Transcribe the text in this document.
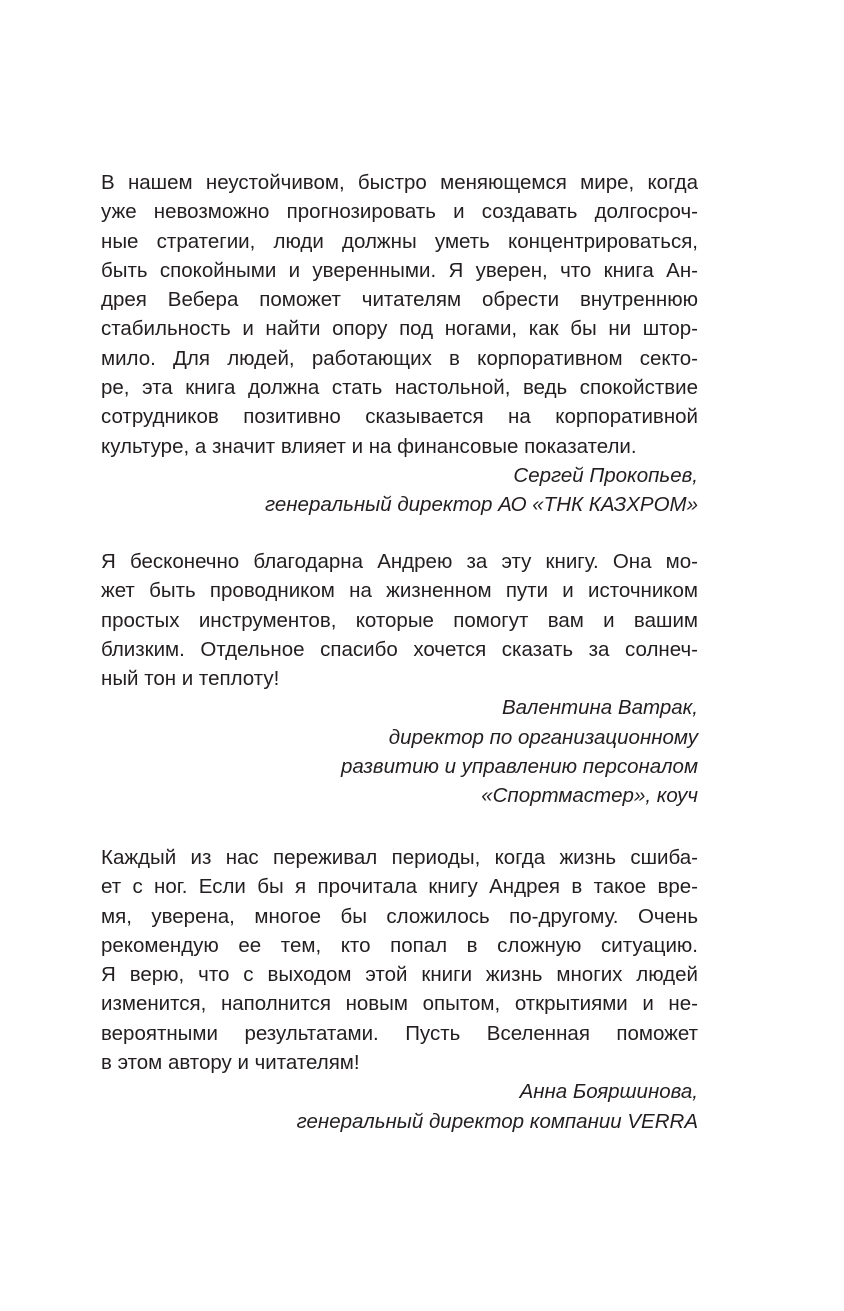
В нашем неустойчивом, быстро меняющемся мире, когда
уже невозможно прогнозировать и создавать долгосроч-
ные стратегии, люди должны уметь концентрироваться,
быть спокойными и уверенными. Я уверен, что книга Ан-
дрея Вебера поможет читателям обрести внутреннюю
стабильность и найти опору под ногами, как бы ни штор-
мило. Для людей, работающих в корпоративном секто-
ре, эта книга должна стать настольной, ведь спокойствие
сотрудников позитивно сказывается на корпоративной
культуре, а значит влияет и на финансовые показатели.
Сергей Прокопьев,
генеральный директор АО «ТНК КАЗХРОМ»
Я бесконечно благодарна Андрею за эту книгу. Она мо-
жет быть проводником на жизненном пути и источником
простых инструментов, которые помогут вам и вашим
близким. Отдельное спасибо хочется сказать за солнеч-
ный тон и теплоту!
Валентина Ватрак,
директор по организационному
развитию и управлению персоналом
«Спортмастер», коуч
Каждый из нас переживал периоды, когда жизнь сшиба-
ет с ног. Если бы я прочитала книгу Андрея в такое вре-
мя, уверена, многое бы сложилось по-другому. Очень
рекомендую ее тем, кто попал в сложную ситуацию.
Я верю, что с выходом этой книги жизнь многих людей
изменится, наполнится новым опытом, открытиями и не-
вероятными результатами. Пусть Вселенная поможет
в этом автору и читателям!
Анна Бояршинова,
генеральный директор компании VERRA
